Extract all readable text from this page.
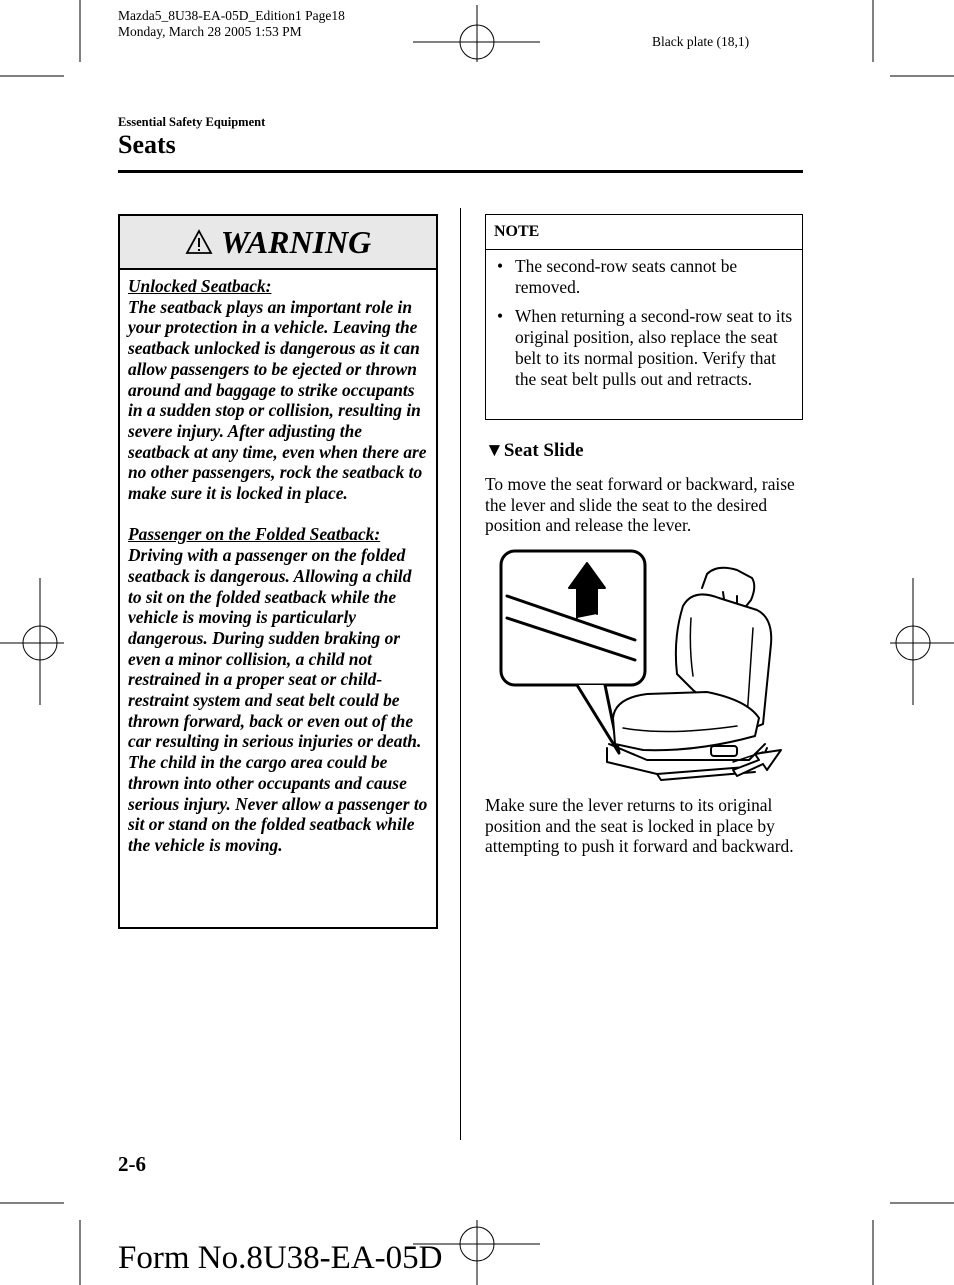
Mazda5_8U38-EA-05D_Edition1 Page18
Monday, March 28 2005 1:53 PM
Black plate (18,1)
Essential Safety Equipment
Seats
WARNING

Unlocked Seatback:

The seatback plays an important role in your protection in a vehicle. Leaving the seatback unlocked is dangerous as it can allow passengers to be ejected or thrown around and baggage to strike occupants in a sudden stop or collision, resulting in severe injury. After adjusting the seatback at any time, even when there are no other passengers, rock the seatback to make sure it is locked in place.

Passenger on the Folded Seatback:

Driving with a passenger on the folded seatback is dangerous. Allowing a child to sit on the folded seatback while the vehicle is moving is particularly dangerous. During sudden braking or even a minor collision, a child not restrained in a proper seat or child-restraint system and seat belt could be thrown forward, back or even out of the car resulting in serious injuries or death. The child in the cargo area could be thrown into other occupants and cause serious injury. Never allow a passenger to sit or stand on the folded seatback while the vehicle is moving.

NOTE
• The second-row seats cannot be removed.
• When returning a second-row seat to its original position, also replace the seat belt to its normal position. Verify that the seat belt pulls out and retracts.
▼Seat Slide
To move the seat forward or backward, raise the lever and slide the seat to the desired position and release the lever.
Make sure the lever returns to its original position and the seat is locked in place by attempting to push it forward and backward.
2-6
Form No.8U38-EA-05D
